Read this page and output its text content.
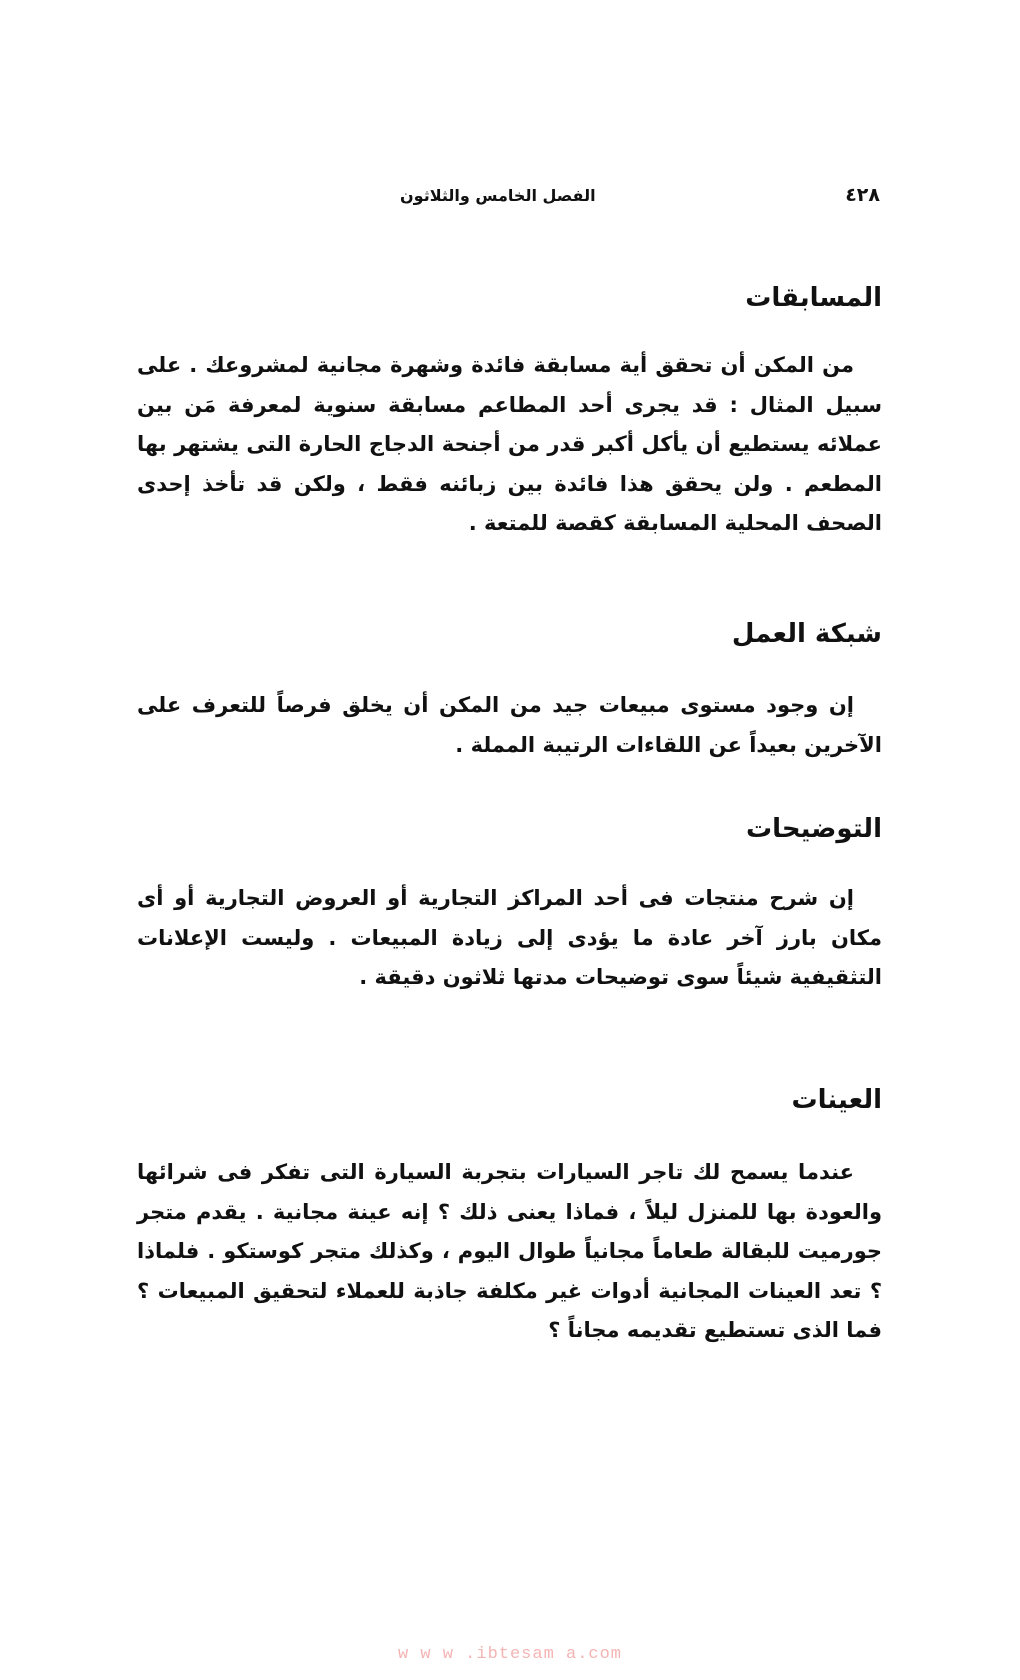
٤٢٨
الفصل الخامس والثلاثون
المسابقات

من المكن أن تحقق أية مسابقة فائدة وشهرة مجانية لمشروعك . على سبيل المثال : قد يجرى أحد المطاعم مسابقة سنوية لمعرفة مَن بين عملائه يستطيع أن يأكل أكبر قدر من أجنحة الدجاج الحارة التى يشتهر بها المطعم . ولن يحقق هذا فائدة بين زبائنه فقط ، ولكن قد تأخذ إحدى الصحف المحلية المسابقة كقصة للمتعة .

شبكة العمل

إن وجود مستوى مبيعات جيد من المكن أن يخلق فرصاً للتعرف على الآخرين بعيداً عن اللقاءات الرتيبة المملة .

التوضيحات

إن شرح منتجات فى أحد المراكز التجارية أو العروض التجارية أو أى مكان بارز آخر عادة ما يؤدى إلى زيادة المبيعات . وليست الإعلانات التثقيفية شيئاً سوى توضيحات مدتها ثلاثون دقيقة .

العينات

عندما يسمح لك تاجر السيارات بتجربة السيارة التى تفكر فى شرائها والعودة بها للمنزل ليلاً ، فماذا يعنى ذلك ؟ إنه عينة مجانية . يقدم متجر جورميت للبقالة طعاماً مجانياً طوال اليوم ، وكذلك متجر كوستكو . فلماذا ؟ تعد العينات المجانية أدوات غير مكلفة جاذبة للعملاء لتحقيق المبيعات ؟ فما الذى تستطيع تقديمه مجاناً ؟

w w w .ibtesam a.com
